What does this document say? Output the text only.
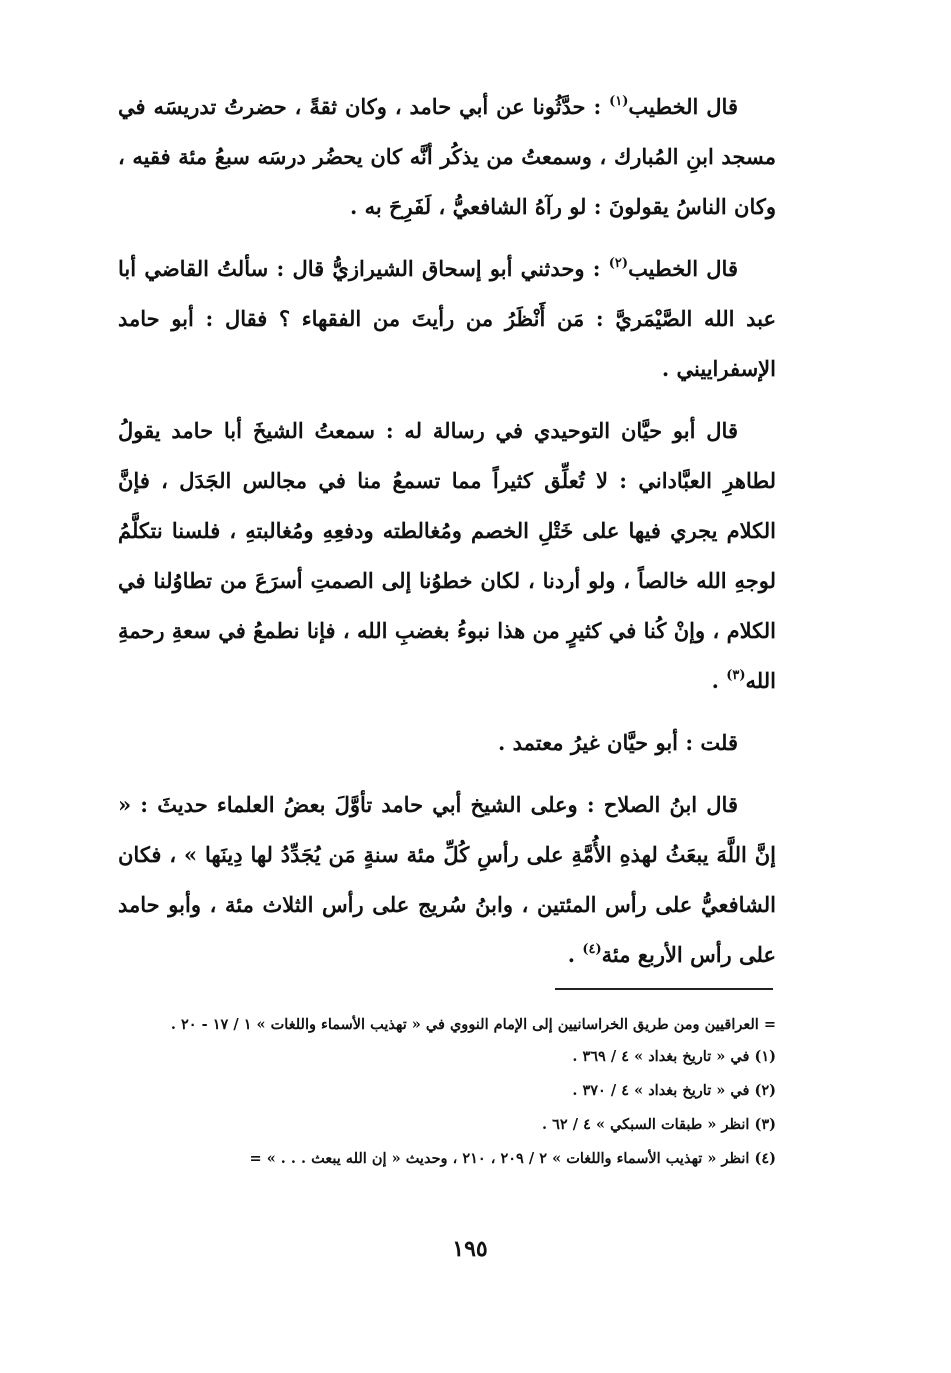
قال الخطيب$^{(١)}$ : حدَّثُونا عن أبي حامد ، وكان ثقةً ، حضرتُ تدريسَه في مسجد ابنِ المُبارك ، وسمعتُ من يذكُر أنَّه كان يحضُر درسَه سبعُ مئة فقيه ، وكان الناسُ يقولونَ : لو رآهُ الشافعيُّ ، لَفَرِحَ به .

قال الخطيب$^{(٢)}$ : وحدثني أبو إسحاق الشيرازيُّ قال : سألتُ القاضي أبا عبد الله الصَّيْمَريَّ : مَن أَنْظَرُ من رأيتَ من الفقهاء ؟ فقال : أبو حامد الإسفراييني .

قال أبو حيَّان التوحيدي في رسالة له : سمعتُ الشيخَ أبا حامد يقولُ لطاهرِ العبَّاداني : لا تُعلِّق كثيراً مما تسمعُ منا في مجالس الجَدَل ، فإنَّ الكلام يجري فيها على خَتْلِ الخصم ومُغالطته ودفعِهِ ومُغالبتهِ ، فلسنا نتكلَّمُ لوجهِ الله خالصاً ، ولو أردنا ، لكان خطوُنا إلى الصمتِ أسرَعَ من تطاوُلنا في الكلام ، وإنْ كُنا في كثيرٍ من هذا نبوءُ بغضبِ الله ، فإنا نطمعُ في سعةِ رحمةِ الله$^{(٣)}$ .

قلت : أبو حيَّان غيرُ معتمد .

قال ابنُ الصلاح : وعلى الشيخ أبي حامد تأوَّلَ بعضُ العلماء حديثَ : « إنَّ اللَّهَ يبعَثُ لهذهِ الأُمَّةِ على رأسِ كُلِّ مئة سنةٍ مَن يُجَدِّدُ لها دِينَها » ، فكان الشافعيُّ على رأس المئتين ، وابنُ سُريج على رأس الثلاث مئة ، وأبو حامد على رأس الأربع مئة$^{(٤)}$ .

= العراقيين ومن طريق الخراسانيين إلى الإمام النووي في « تهذيب الأسماء واللغات » ١ / ١٧ - ٢٠ .

(١) في « تاريخ بغداد » ٤ / ٣٦٩ .

(٢) في « تاريخ بغداد » ٤ / ٣٧٠ .

(٣) انظر « طبقات السبكي » ٤ / ٦٢ .

(٤) انظر « تهذيب الأسماء واللغات » ٢ / ٢٠٩ ، ٢١٠ ، وحديث « إن الله يبعث . . . » =

١٩٥
